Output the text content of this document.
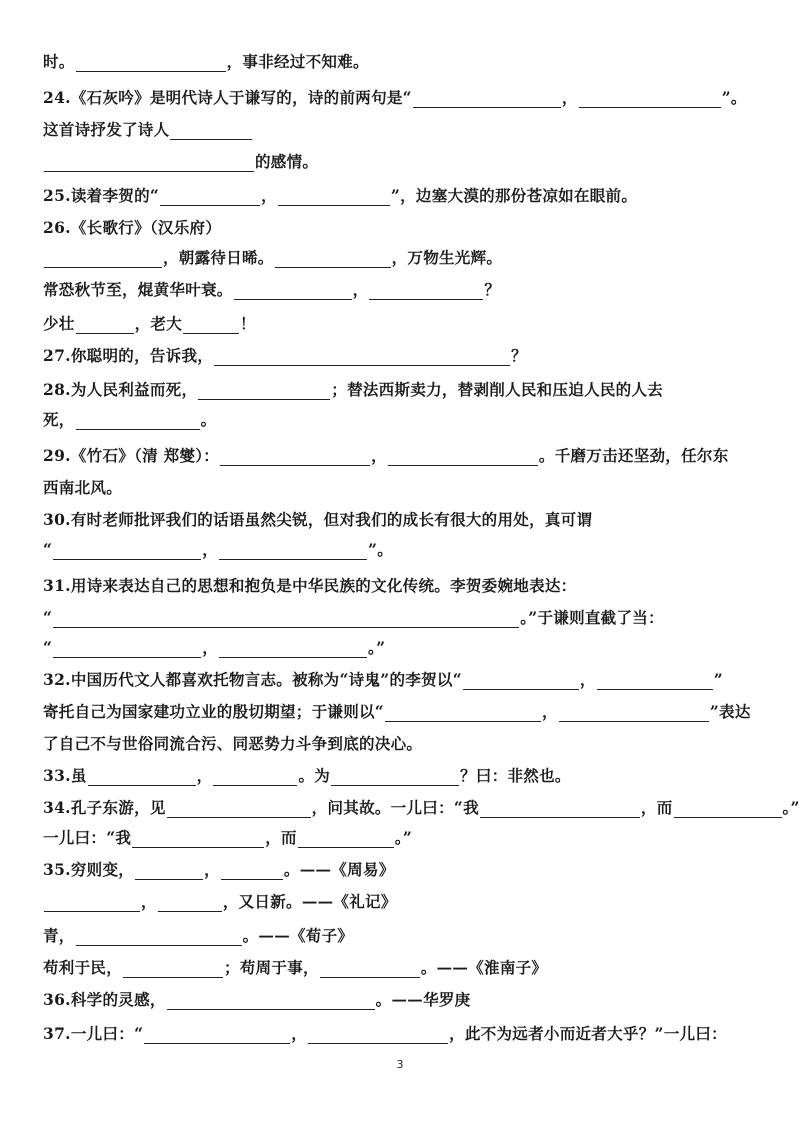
时。	，事非经过不知难。
24.《石灰吟》是明代诗人于谦写的，诗的前两句是“	，	”。
这首诗抒发了诗人
的感情。
25.读着李贺的“	，	”，边塞大漠的那份苍凉如在眼前。
26.《长歌行》（汉乐府）
，朝露待日晞。	，万物生光辉。
常恐秋节至，焜黄华叶衰。	，	？
少壮	，老大	！
27.你聪明的，告诉我，	？
28.为人民利益而死，	；替法西斯卖力，替剥削人民和压迫人民的人去
死，	。
29.《竹石》（清 郑燮）：	，	。千磨万击还坚劲，任尔东
西南北风。
30.有时老师批评我们的话语虽然尖锐，但对我们的成长有很大的用处，真可谓
“	，	”。
31.用诗来表达自己的思想和抱负是中华民族的文化传统。李贺委婉地表达：
“	。”于谦则直截了当：
“	，	。”
32.中国历代文人都喜欢托物言志。被称为“诗鬼”的李贺以“	，	”
寄托自己为国家建功立业的殷切期望；于谦则以“	，	”表达
了自己不与世俗同流合污、同恶势力斗争到底的决心。
33.虽	，	。为	？曰：非然也。
34.孔子东游，见	，问其故。一儿曰：“我	，而	。”
一儿曰：“我	，而	。”
35.穷则变，	，	。——《周易》
，	，又日新。——《礼记》
青，	。——《荀子》
苟利于民，	；苟周于事，	。——《淮南子》
36.科学的灵感，	。——华罗庚
37.一儿曰：“	，	，此不为远者小而近者大乎？”一儿曰：
3
